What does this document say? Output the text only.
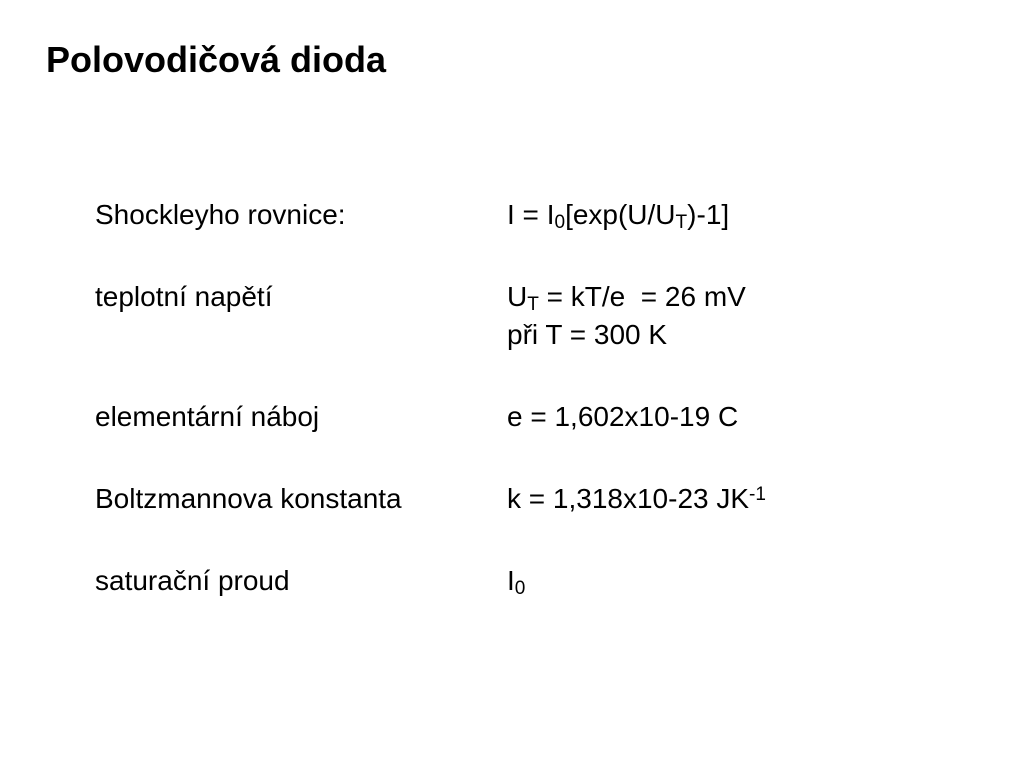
Polovodičová dioda
Shockleyho rovnice:	$I = I_0[\exp(U/U_T)-1]$
teplotní napětí	$U_T = kT/e = 26$ mV
při T = 300 K
elementární náboj	e = 1,602x10-19 C
Boltzmannova konstanta	k = 1,318x10-23 $JK^{-1}$
saturační proud	$I_0$
